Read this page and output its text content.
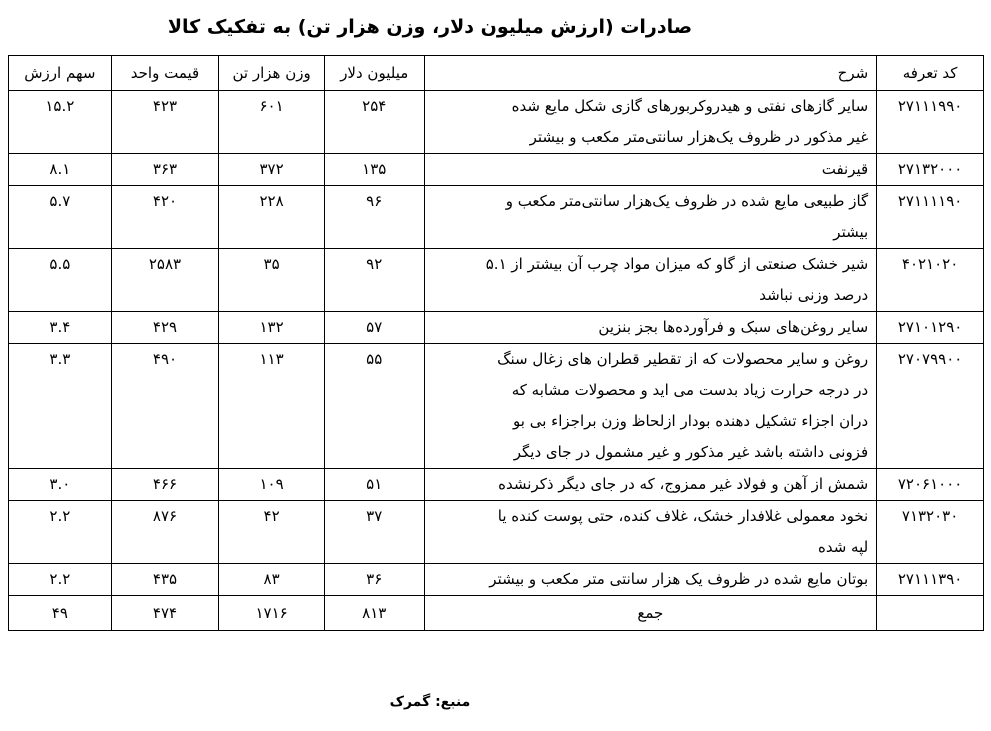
صادرات (ارزش میلیون دلار، وزن هزار تن) به تفکیک کالا
کد تعرفه	شرح	میلیون دلار	وزن هزار تن	قیمت واحد	سهم ارزش
۲۷۱۱۱۹۹۰	سایر گازهای نفتی و هیدروکربورهای گازی شکل مایع شده
غیر مذکور در ظروف یک‌هزار سانتی‌متر مکعب و بیشتر	۲۵۴	۶۰۱	۴۲۳	۱۵.۲
۲۷۱۳۲۰۰۰	قیرنفت	۱۳۵	۳۷۲	۳۶۳	۸.۱
۲۷۱۱۱۱۹۰	گاز طبیعی مایع شده در ظروف یک‌هزار سانتی‌متر مکعب و
بیشتر	۹۶	۲۲۸	۴۲۰	۵.۷
۴۰۲۱۰۲۰	شیر خشک صنعتی از گاو که میزان مواد چرب آن بیشتر از ۵.۱
درصد وزنی نباشد	۹۲	۳۵	۲۵۸۳	۵.۵
۲۷۱۰۱۲۹۰	سایر روغن‌های سبک و فرآورده‌ها بجز بنزین	۵۷	۱۳۲	۴۲۹	۳.۴
۲۷۰۷۹۹۰۰	روغن و سایر محصولات که از تقطیر قطران های زغال سنگ
در درجه حرارت زیاد بدست می اید و محصولات مشابه که
دران اجزاء تشکیل دهنده بودار ازلحاظ وزن براجزاء بی بو
فزونی داشته باشد غیر مذکور و غیر مشمول در جای دیگر	۵۵	۱۱۳	۴۹۰	۳.۳
۷۲۰۶۱۰۰۰	شمش از آهن و فولاد غیر ممزوج، که در جای دیگر ذکرنشده	۵۱	۱۰۹	۴۶۶	۳.۰
۷۱۳۲۰۳۰	نخود معمولی غلافدار خشک، غلاف کنده، حتی پوست کنده یا
لپه شده	۳۷	۴۲	۸۷۶	۲.۲
۲۷۱۱۱۳۹۰	بوتان مایع شده در ظروف یک هزار سانتی متر مکعب و بیشتر	۳۶	۸۳	۴۳۵	۲.۲
	جمع	۸۱۳	۱۷۱۶	۴۷۴	۴۹
منبع: گمرک
